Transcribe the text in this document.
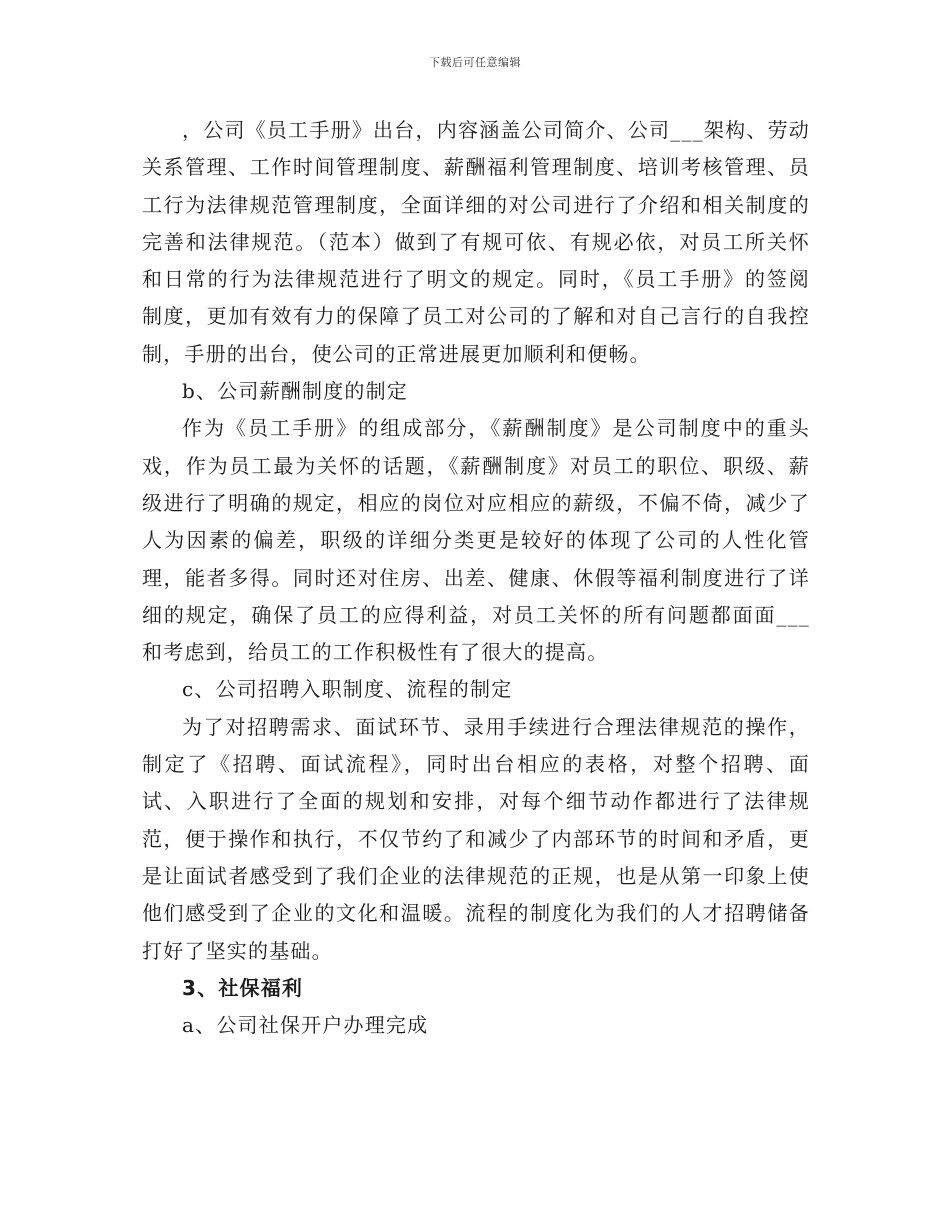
下载后可任意编辑

，公司《员工手册》出台，内容涵盖公司简介、公司___架构、劳动关系管理、工作时间管理制度、薪酬福利管理制度、培训考核管理、员工行为法律规范管理制度，全面详细的对公司进行了介绍和相关制度的完善和法律规范。（范本）做到了有规可依、有规必依，对员工所关怀和日常的行为法律规范进行了明文的规定。同时，《员工手册》的签阅制度，更加有效有力的保障了员工对公司的了解和对自己言行的自我控制，手册的出台，使公司的正常进展更加顺利和便畅。

b、公司薪酬制度的制定

作为《员工手册》的组成部分，《薪酬制度》是公司制度中的重头戏，作为员工最为关怀的话题，《薪酬制度》对员工的职位、职级、薪级进行了明确的规定，相应的岗位对应相应的薪级，不偏不倚，减少了人为因素的偏差，职级的详细分类更是较好的体现了公司的人性化管理，能者多得。同时还对住房、出差、健康、休假等福利制度进行了详细的规定，确保了员工的应得利益，对员工关怀的所有问题都面面___和考虑到，给员工的工作积极性有了很大的提高。

c、公司招聘入职制度、流程的制定

为了对招聘需求、面试环节、录用手续进行合理法律规范的操作，制定了《招聘、面试流程》，同时出台相应的表格，对整个招聘、面试、入职进行了全面的规划和安排，对每个细节动作都进行了法律规范，便于操作和执行，不仅节约了和减少了内部环节的时间和矛盾，更是让面试者感受到了我们企业的法律规范的正规，也是从第一印象上使他们感受到了企业的文化和温暖。流程的制度化为我们的人才招聘储备打好了坚实的基础。

3、社保福利

a、公司社保开户办理完成
